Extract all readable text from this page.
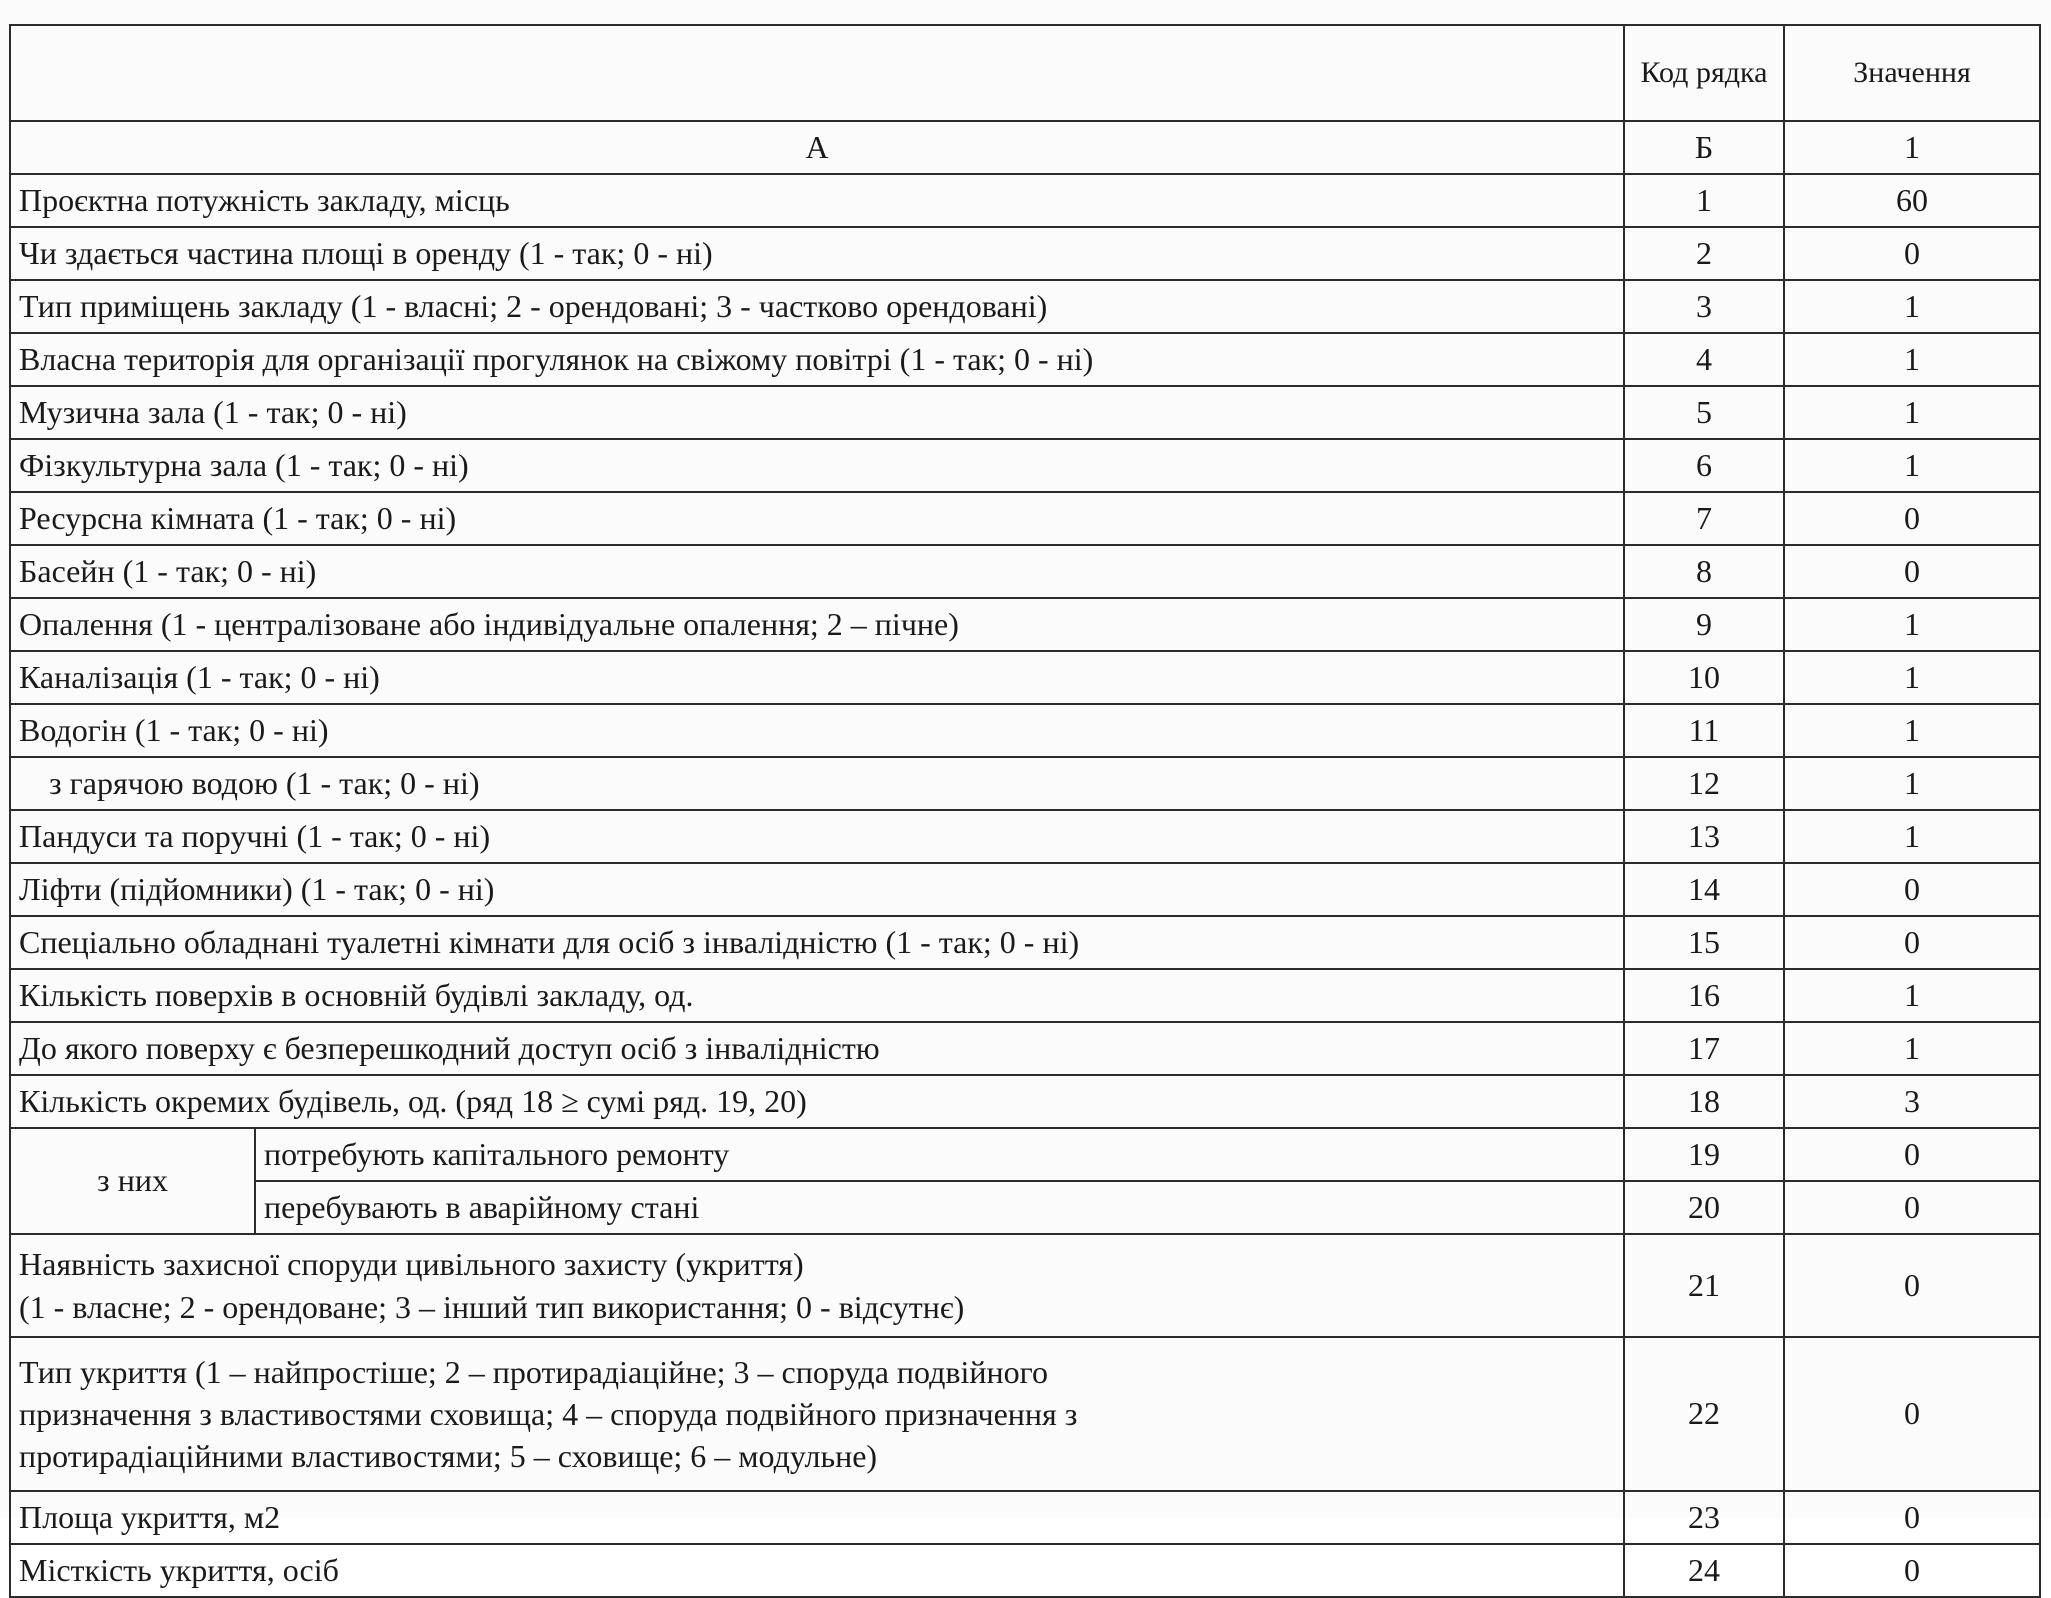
		Код рядка	Значення
А		Б	1
Проєктна потужність закладу, місць		1	60
Чи здається частина площі в оренду (1 - так; 0 - ні)		2	0
Тип приміщень закладу (1 - власні; 2 - орендовані; 3 - частково орендовані)		3	1
Власна територія для організації прогулянок на свіжому повітрі (1 - так; 0 - ні)		4	1
Музична зала (1 - так; 0 - ні)		5	1
Фізкультурна зала (1 - так; 0 - ні)		6	1
Ресурсна кімната (1 - так; 0 - ні)		7	0
Басейн (1 - так; 0 - ні)		8	0
Опалення (1 - централізоване або індивідуальне опалення; 2 – пічне)		9	1
Каналізація (1 - так; 0 - ні)		10	1
Водогін (1 - так; 0 - ні)		11	1
з гарячою водою (1 - так; 0 - ні)		12	1
Пандуси та поручні (1 - так; 0 - ні)		13	1
Ліфти (підйомники) (1 - так; 0 - ні)		14	0
Спеціально обладнані туалетні кімнати для осіб з інвалідністю (1 - так; 0 - ні)		15	0
Кількість поверхів в основній будівлі закладу, од.		16	1
До якого поверху є безперешкодний доступ осіб з інвалідністю		17	1
Кількість окремих будівель, од. (ряд 18 ≥ сумі ряд. 19, 20)		18	3
з них	потребують капітального ремонту	19	0
	перебувають в аварійному стані	20	0

Наявність захисної споруди цивільного захисту (укриття)
(1 - власне; 2 - орендоване; 3 – інший тип використання; 0 - відсутнє)		21	0

Тип укриття (1 – найпростіше; 2 – протирадіаційне; 3 – споруда подвійного
призначення з властивостями сховища; 4 – споруда подвійного призначення з
протирадіаційними властивостями; 5 – сховище; 6 – модульне)		22	0
Площа укриття, м2		23	0
Місткість укриття, осіб		24	0
